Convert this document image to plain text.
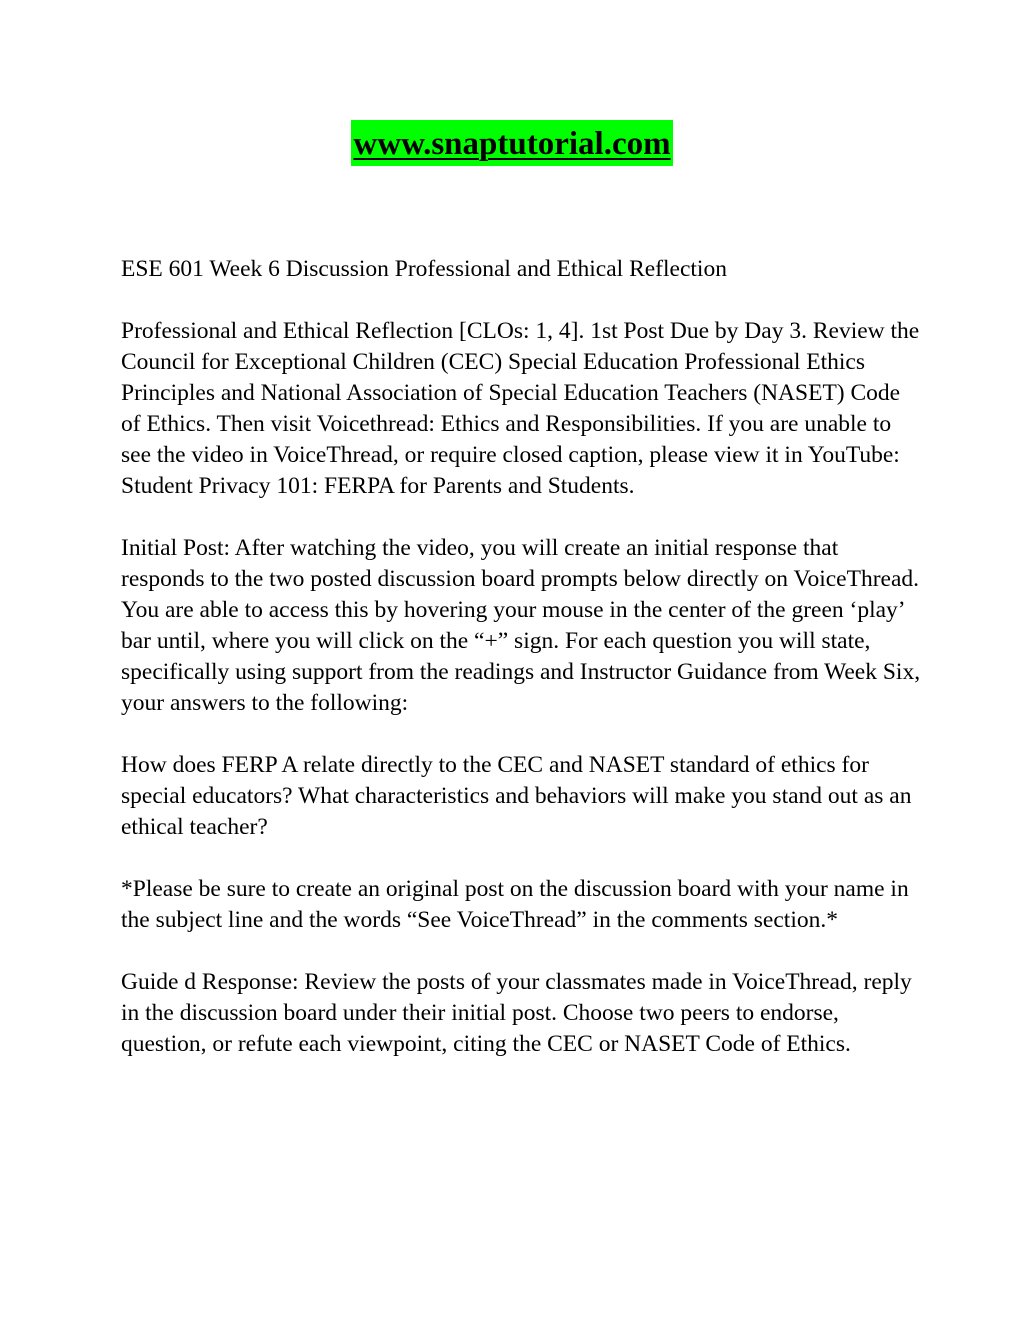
www.snaptutorial.com

ESE 601 Week 6 Discussion Professional and Ethical Reflection

Professional and Ethical Reflection [CLOs: 1, 4]. 1st Post Due by Day 3. Review the Council for Exceptional Children (CEC) Special Education Professional Ethics Principles and National Association of Special Education Teachers (NASET) Code of Ethics. Then visit Voicethread: Ethics and Responsibilities. If you are unable to see the video in VoiceThread, or require closed caption, please view it in YouTube: Student Privacy 101: FERPA for Parents and Students.

Initial Post: After watching the video, you will create an initial response that responds to the two posted discussion board prompts below directly on VoiceThread. You are able to access this by hovering your mouse in the center of the green ‘play’ bar until, where you will click on the “+” sign. For each question you will state, specifically using support from the readings and Instructor Guidance from Week Six, your answers to the following:

How does FERP A relate directly to the CEC and NASET standard of ethics for special educators? What characteristics and behaviors will make you stand out as an ethical teacher?

*Please be sure to create an original post on the discussion board with your name in the subject line and the words “See VoiceThread” in the comments section.*

Guide d Response: Review the posts of your classmates made in VoiceThread, reply in the discussion board under their initial post. Choose two peers to endorse, question, or refute each viewpoint, citing the CEC or NASET Code of Ethics.
